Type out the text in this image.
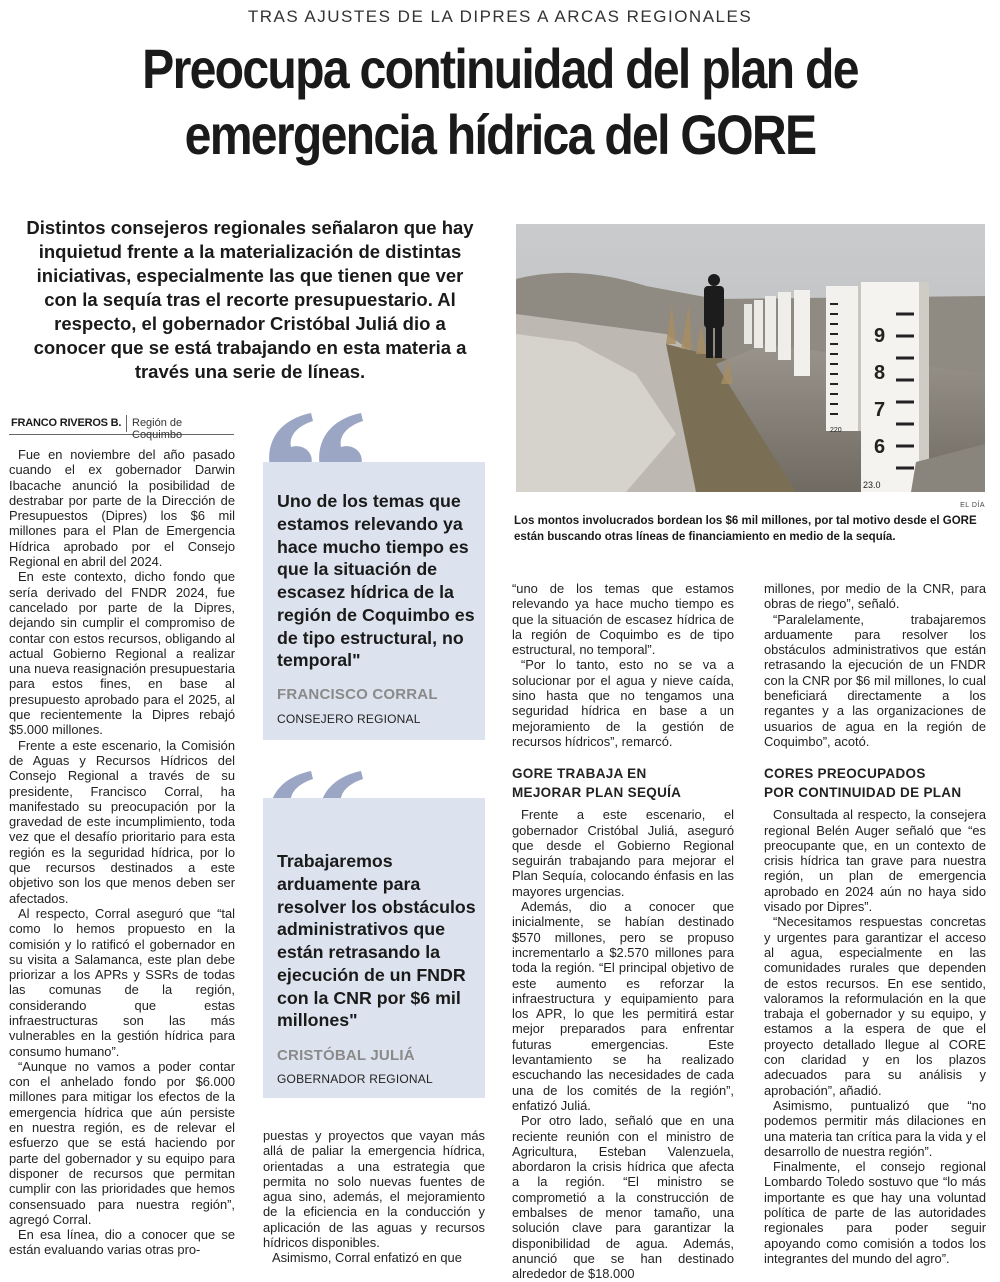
TRAS AJUSTES DE LA DIPRES A ARCAS REGIONALES
Preocupa continuidad del plan de
emergencia hídrica del GORE
Distintos consejeros regionales señalaron que hay inquietud frente a la materialización de distintas iniciativas, especialmente las que tienen que ver con la sequía tras el recorte presupuestario. Al respecto, el gobernador Cristóbal Juliá dio a conocer que se está trabajando en esta materia a través una serie de líneas.
9
8
7
6
220
23.0
EL DÍA
Los montos involucrados bordean los $6 mil millones, por tal motivo desde el GORE están buscando otras líneas de financiamiento en medio de la sequía.
FRANCO RIVEROS B. Región de Coquimbo

Fue en noviembre del año pasado cuando el ex gobernador Darwin Ibacache anunció la posibilidad de destrabar por parte de la Dirección de Presupuestos (Dipres) los $6 mil millones para el Plan de Emergencia Hídrica aprobado por el Consejo Regional en abril del 2024.

En este contexto, dicho fondo que sería derivado del FNDR 2024, fue cancelado por parte de la Dipres, dejando sin cumplir el compromiso de contar con estos recursos, obligando al actual Gobierno Regional a realizar una nueva reasignación presupuestaria para estos fines, en base al presupuesto aprobado para el 2025, al que recientemente la Dipres rebajó $5.000 millones.

Frente a este escenario, la Comisión de Aguas y Recursos Hídricos del Consejo Regional a través de su presidente, Francisco Corral, ha manifestado su preocupación por la gravedad de este incumplimiento, toda vez que el desafío prioritario para esta región es la seguridad hídrica, por lo que recursos destinados a este objetivo son los que menos deben ser afectados.

Al respecto, Corral aseguró que “tal como lo hemos propuesto en la comisión y lo ratificó el gobernador en su visita a Salamanca, este plan debe priorizar a los APRs y SSRs de todas las comunas de la región, considerando que estas infraestructuras son las más vulnerables en la gestión hídrica para consumo humano”.

“Aunque no vamos a poder contar con el anhelado fondo por $6.000 millones para mitigar los efectos de la emergencia hídrica que aún persiste en nuestra región, es de relevar el esfuerzo que se está haciendo por parte del gobernador y su equipo para disponer de recursos que permitan cumplir con las prioridades que hemos consensuado para nuestra región”, agregó Corral.

En esa línea, dio a conocer que se están evaluando varias otras pro-

Uno de los temas que estamos relevando ya hace mucho tiempo es que la situación de escasez hídrica de la región de Coquimbo es de tipo estructural, no temporal"
FRANCISCO CORRAL
CONSEJERO REGIONAL
Trabajaremos arduamente para resolver los obstáculos administrativos que están retrasando la ejecución de un FNDR con la CNR por $6 mil millones"
CRISTÓBAL JULIÁ
GOBERNADOR REGIONAL

puestas y proyectos que vayan más allá de paliar la emergencia hídrica, orientadas a una estrategia que permita no solo nuevas fuentes de agua sino, además, el mejoramiento de la eficiencia en la conducción y aplicación de las aguas y recursos hídricos disponibles.

Asimismo, Corral enfatizó en que

“uno de los temas que estamos relevando ya hace mucho tiempo es que la situación de escasez hídrica de la región de Coquimbo es de tipo estructural, no temporal”.

“Por lo tanto, esto no se va a solucionar por el agua y nieve caída, sino hasta que no tengamos una seguridad hídrica en base a un mejoramiento de la gestión de recursos hídricos”, remarcó.

GORE TRABAJA EN
MEJORAR PLAN SEQUÍA

Frente a este escenario, el gobernador Cristóbal Juliá, aseguró que desde el Gobierno Regional seguirán trabajando para mejorar el Plan Sequía, colocando énfasis en las mayores urgencias.

Además, dio a conocer que inicialmente, se habían destinado $570 millones, pero se propuso incrementarlo a $2.570 millones para toda la región. “El principal objetivo de este aumento es reforzar la infraestructura y equipamiento para los APR, lo que les permitirá estar mejor preparados para enfrentar futuras emergencias. Este levantamiento se ha realizado escuchando las necesidades de cada una de los comités de la región”, enfatizó Juliá.

Por otro lado, señaló que en una reciente reunión con el ministro de Agricultura, Esteban Valenzuela, abordaron la crisis hídrica que afecta a la región. “El ministro se comprometió a la construcción de embalses de menor tamaño, una solución clave para garantizar la disponibilidad de agua. Además, anunció que se han destinado alrededor de $18.000

millones, por medio de la CNR, para obras de riego”, señaló.

“Paralelamente, trabajaremos arduamente para resolver los obstáculos administrativos que están retrasando la ejecución de un FNDR con la CNR por $6 mil millones, lo cual beneficiará directamente a los regantes y a las organizaciones de usuarios de agua en la región de Coquimbo”, acotó.

CORES PREOCUPADOS
POR CONTINUIDAD DE PLAN

Consultada al respecto, la consejera regional Belén Auger señaló que “es preocupante que, en un contexto de crisis hídrica tan grave para nuestra región, un plan de emergencia aprobado en 2024 aún no haya sido visado por Dipres”.

“Necesitamos respuestas concretas y urgentes para garantizar el acceso al agua, especialmente en las comunidades rurales que dependen de estos recursos. En ese sentido, valoramos la reformulación en la que trabaja el gobernador y su equipo, y estamos a la espera de que el proyecto detallado llegue al CORE con claridad y en los plazos adecuados para su análisis y aprobación”, añadió.

Asimismo, puntualizó que “no podemos permitir más dilaciones en una materia tan crítica para la vida y el desarrollo de nuestra región”.

Finalmente, el consejo regional Lombardo Toledo sostuvo que “lo más importante es que hay una voluntad política de parte de las autoridades regionales para poder seguir apoyando como comisión a todos los integrantes del mundo del agro”.
